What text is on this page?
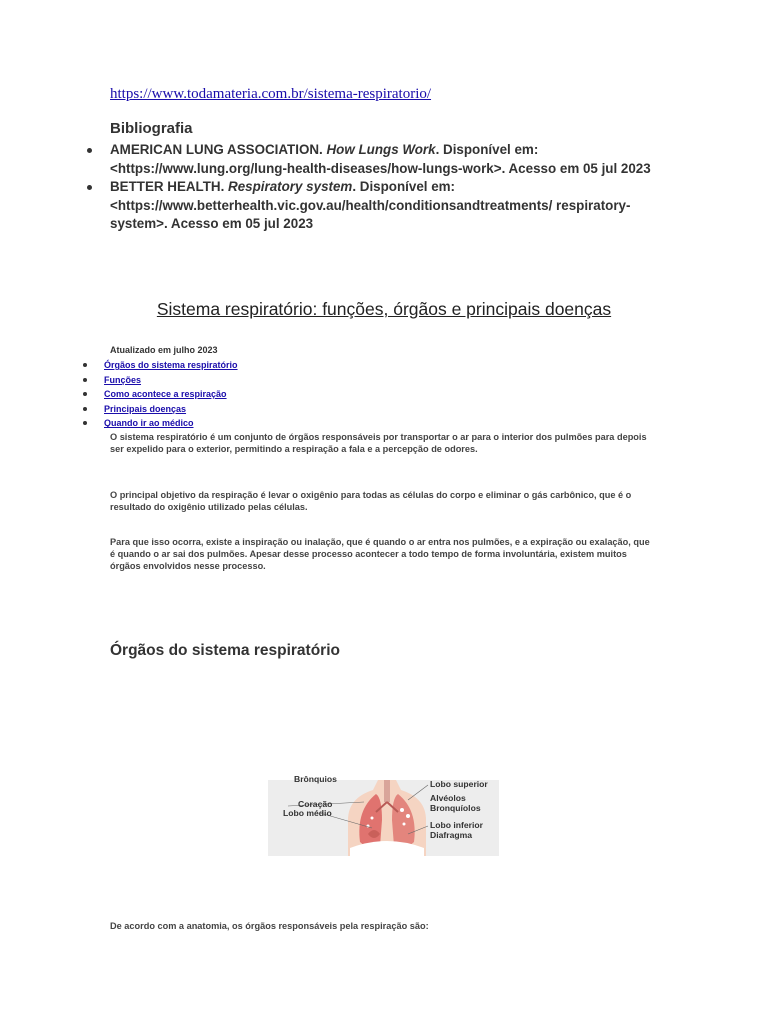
https://www.todamateria.com.br/sistema-respiratorio/
Bibliografia
AMERICAN LUNG ASSOCIATION. How Lungs Work. Disponível em: <https://www.lung.org/lung-health-diseases/how-lungs-work>. Acesso em 05 jul 2023
BETTER HEALTH. Respiratory system. Disponível em: <https://www.betterhealth.vic.gov.au/health/conditionsandtreatments/ respiratory-system>. Acesso em 05 jul 2023
Sistema respiratório: funções, órgãos e principais doenças
Atualizado em julho 2023
Órgãos do sistema respiratório
Funções
Como acontece a respiração
Principais doenças
Quando ir ao médico

O sistema respiratório é um conjunto de órgãos responsáveis por transportar o ar para o interior dos pulmões para depois ser expelido para o exterior, permitindo a respiração a fala e a percepção de odores.

O principal objetivo da respiração é levar o oxigênio para todas as células do corpo e eliminar o gás carbônico, que é o resultado do oxigênio utilizado pelas células.

Para que isso ocorra, existe a inspiração ou inalação, que é quando o ar entra nos pulmões, e a expiração ou exalação, que é quando o ar sai dos pulmões. Apesar desse processo acontecer a todo tempo de forma involuntária, existem muitos órgãos envolvidos nesse processo.

Órgãos do sistema respiratório
Brônquios
Coração
Lobo médio
Lobo superior
Alvéolos
Bronquíolos
Lobo inferior
Diafragma
De acordo com a anatomia, os órgãos responsáveis pela respiração são:
